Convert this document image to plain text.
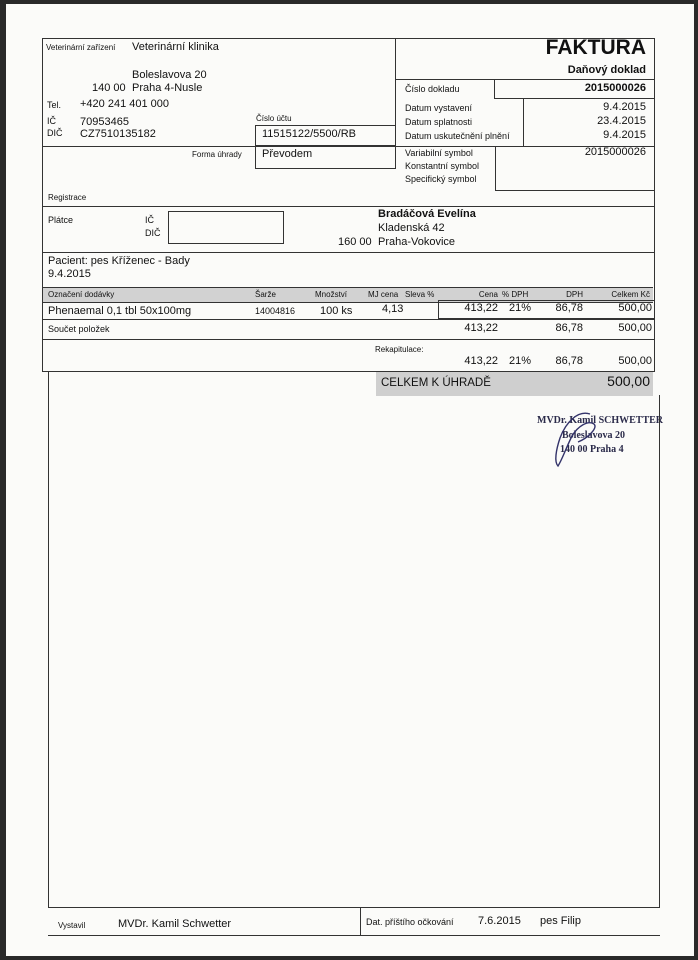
Veterinární zařízení Veterinární klinika
Boleslavova 20
140 00 Praha 4-Nusle
Tel. +420 241 401 000
IČ 70953465
DIČ CZ7510135182
Číslo účtu
11515122/5500/RB
Forma úhrady Převodem
Registrace
FAKTURA
Daňový doklad
Číslo dokladu	2015000026
Datum vystavení	9.4.2015
Datum splatnosti	23.4.2015
Datum uskutečnění plnění	9.4.2015
Variabilní symbol	2015000026
Konstantní symbol
Specifický symbol
Plátce	IČ
DIČ
Bradáčová Evelína
Kladenská 42
160 00 Praha-Vokovice
Pacient: pes Kříženec - Bady
9.4.2015
Označení dodávky	Šarže	Množství	MJ cena Sleva %	Cena % DPH	DPH	Celkem Kč
Phenaemal 0,1 tbl 50x100mg	14004816 100 ks	4,13	413,22 21%	86,78	500,00
Součet položek	413,22	86,78	500,00
Rekapitulace:
413,22 21%	86,78	500,00
CELKEM K ÚHRADĚ	500,00
MVDr. Kamil SCHWETTER
Boleslavova 20
140 00 Praha 4
Vystavil	MVDr. Kamil Schwetter	Dat. příštího očkování 7.6.2015 pes Filip
